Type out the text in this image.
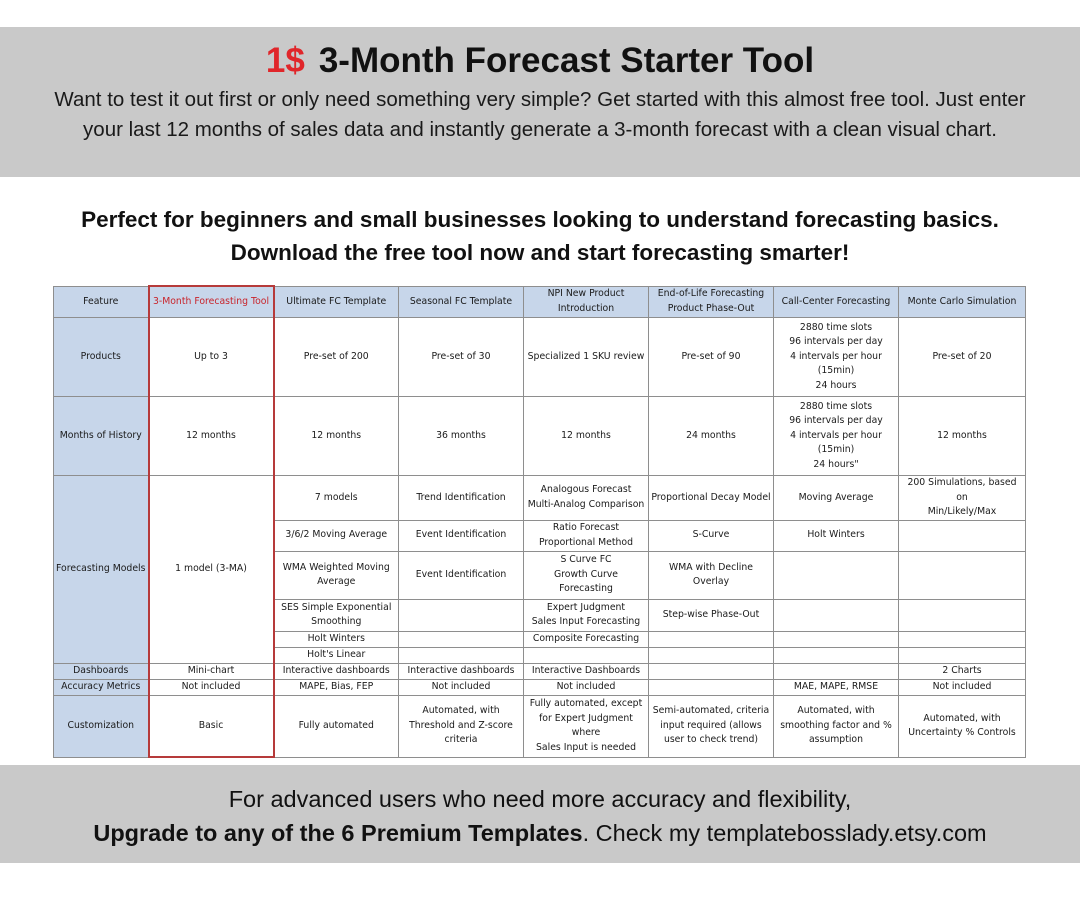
1$ 3-Month Forecast Starter Tool
Want to test it out first or only need something very simple? Get started with this almost free tool. Just enter your last 12 months of sales data and instantly generate a 3-month forecast with a clean visual chart.
Perfect for beginners and small businesses looking to understand forecasting basics.
Download the free tool now and start forecasting smarter!
Feature	3-Month Forecasting Tool	Ultimate FC Template	Seasonal FC Template	NPI New Product Introduction	End-of-Life Forecasting Product Phase-Out	Call-Center Forecasting	Monte Carlo Simulation
Products	Up to 3	Pre-set of 200	Pre-set of 30	Specialized 1 SKU review	Pre-set of 90	2880 time slots
96 intervals per day
4 intervals per hour
(15min)
24 hours	Pre-set of 20
Months of History	12 months	12 months	36 months	12 months	24 months	2880 time slots
96 intervals per day
4 intervals per hour
(15min)
24 hours"	12 months
Forecasting Models	1 model (3-MA)	7 models	Trend Identification	Analogous Forecast
Multi-Analog Comparison	Proportional Decay Model	Moving Average	200 Simulations, based on
Min/Likely/Max
		3/6/2 Moving Average	Event Identification	Ratio Forecast
Proportional Method	S-Curve	Holt Winters	
		WMA Weighted Moving
Average	Event Identification	S Curve FC
Growth Curve Forecasting	WMA with Decline Overlay		
		SES Simple Exponential
Smoothing		Expert Judgment
Sales Input Forecasting	Step-wise Phase-Out		
		Holt Winters		Composite Forecasting			
		Holt's Linear					
Dashboards	Mini-chart	Interactive dashboards	Interactive dashboards	Interactive Dashboards			2 Charts
Accuracy Metrics	Not included	MAPE, Bias, FEP	Not included	Not included		MAE, MAPE, RMSE	Not included
Customization	Basic	Fully automated	Automated, with
Threshold and Z-score
criteria	Fully automated, except
for Expert Judgment where
Sales Input is needed	Semi-automated, criteria
input required (allows
user to check trend)	Automated, with
smoothing factor and %
assumption	Automated, with
Uncertainty % Controls
For advanced users who need more accuracy and flexibility,
Upgrade to any of the 6 Premium Templates. Check my templatebosslady.etsy.com
